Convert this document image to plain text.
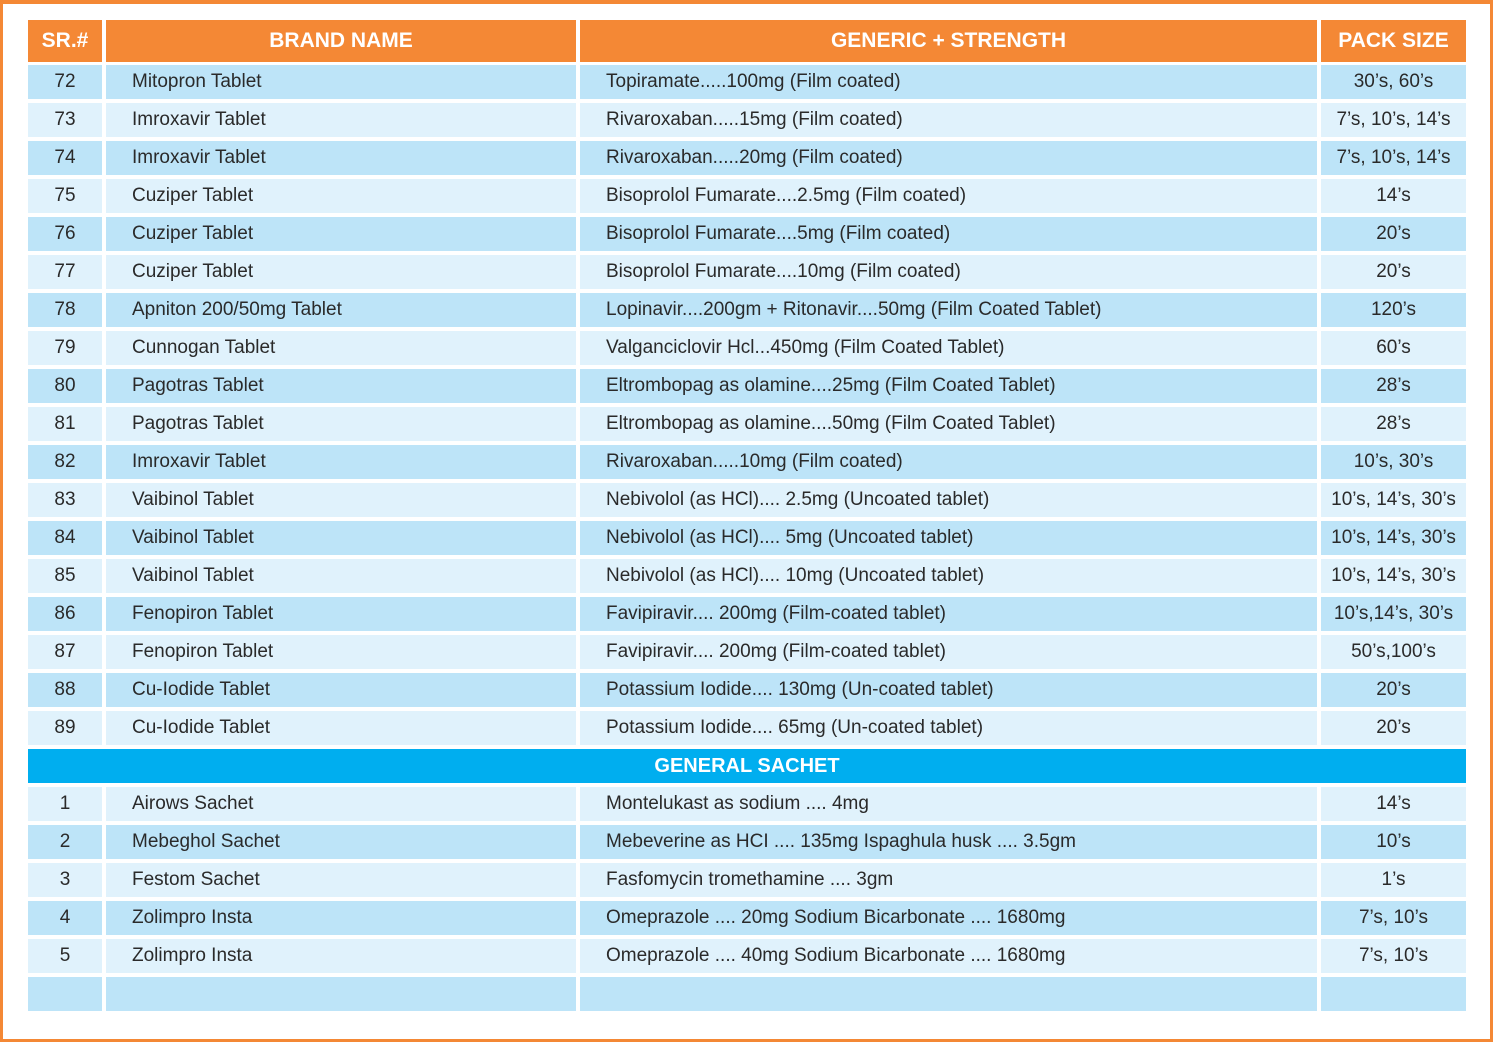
SR.#	BRAND NAME	GENERIC + STRENGTH	PACK SIZE
72	Mitopron Tablet	Topiramate.....100mg (Film coated)	30’s, 60’s
73	Imroxavir Tablet	Rivaroxaban.....15mg (Film coated)	7’s, 10’s, 14’s
74	Imroxavir Tablet	Rivaroxaban.....20mg (Film coated)	7’s, 10’s, 14’s
75	Cuziper Tablet	Bisoprolol Fumarate....2.5mg (Film coated)	14’s
76	Cuziper Tablet	Bisoprolol Fumarate....5mg (Film coated)	20’s
77	Cuziper Tablet	Bisoprolol Fumarate....10mg (Film coated)	20’s
78	Apniton 200/50mg Tablet	Lopinavir....200gm + Ritonavir....50mg (Film Coated Tablet)	120’s
79	Cunnogan Tablet	Valganciclovir Hcl...450mg (Film Coated Tablet)	60’s
80	Pagotras Tablet	Eltrombopag as olamine....25mg (Film Coated Tablet)	28’s
81	Pagotras Tablet	Eltrombopag as olamine....50mg (Film Coated Tablet)	28’s
82	Imroxavir Tablet	Rivaroxaban.....10mg (Film coated)	10’s, 30’s
83	Vaibinol Tablet	Nebivolol (as HCl).... 2.5mg (Uncoated tablet)	10’s, 14’s, 30’s
84	Vaibinol Tablet	Nebivolol (as HCl).... 5mg (Uncoated tablet)	10’s, 14’s, 30’s
85	Vaibinol Tablet	Nebivolol (as HCl).... 10mg (Uncoated tablet)	10’s, 14’s, 30’s
86	Fenopiron Tablet	Favipiravir.... 200mg (Film-coated tablet)	10’s,14’s, 30’s
87	Fenopiron Tablet	Favipiravir.... 200mg (Film-coated tablet)	50’s,100’s
88	Cu-Iodide Tablet	Potassium Iodide.... 130mg (Un-coated tablet)	20’s
89	Cu-Iodide Tablet	Potassium Iodide.... 65mg (Un-coated tablet)	20’s
GENERAL SACHET
1	Airows Sachet	Montelukast as sodium .... 4mg	14’s
2	Mebeghol Sachet	Mebeverine as HCI .... 135mg Ispaghula husk .... 3.5gm	10’s
3	Festom Sachet	Fasfomycin tromethamine .... 3gm	1’s
4	Zolimpro Insta	Omeprazole .... 20mg Sodium Bicarbonate .... 1680mg	7’s, 10’s
5	Zolimpro Insta	Omeprazole .... 40mg Sodium Bicarbonate .... 1680mg	7’s, 10’s
